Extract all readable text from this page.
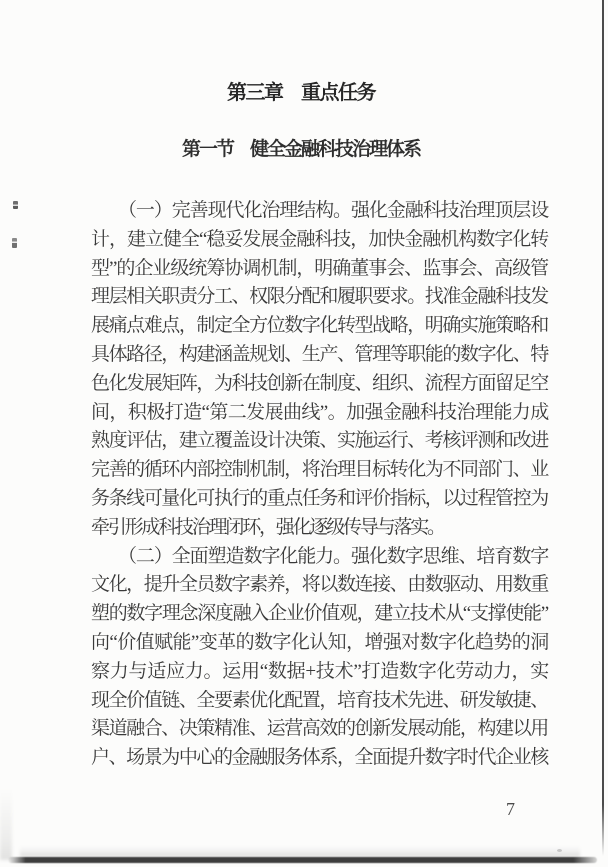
第三章　重点任务
第一节　健全金融科技治理体系
（一）完善现代化治理结构。强化金融科技治理顶层设
计，建立健全“稳妥发展金融科技，加快金融机构数字化转
型”的企业级统筹协调机制，明确董事会、监事会、高级管
理层相关职责分工、权限分配和履职要求。找准金融科技发
展痛点难点，制定全方位数字化转型战略，明确实施策略和
具体路径，构建涵盖规划、生产、管理等职能的数字化、特
色化发展矩阵，为科技创新在制度、组织、流程方面留足空
间，积极打造“第二发展曲线”。加强金融科技治理能力成
熟度评估，建立覆盖设计决策、实施运行、考核评测和改进
完善的循环内部控制机制，将治理目标转化为不同部门、业
务条线可量化可执行的重点任务和评价指标，以过程管控为
牵引形成科技治理闭环，强化逐级传导与落实。
（二）全面塑造数字化能力。强化数字思维、培育数字
文化，提升全员数字素养，将以数连接、由数驱动、用数重
塑的数字理念深度融入企业价值观，建立技术从“支撑使能”
向“价值赋能”变革的数字化认知，增强对数字化趋势的洞
察力与适应力。运用“数据+技术”打造数字化劳动力，实
现全价值链、全要素优化配置，培育技术先进、研发敏捷、
渠道融合、决策精准、运营高效的创新发展动能，构建以用
户、场景为中心的金融服务体系，全面提升数字时代企业核
7
